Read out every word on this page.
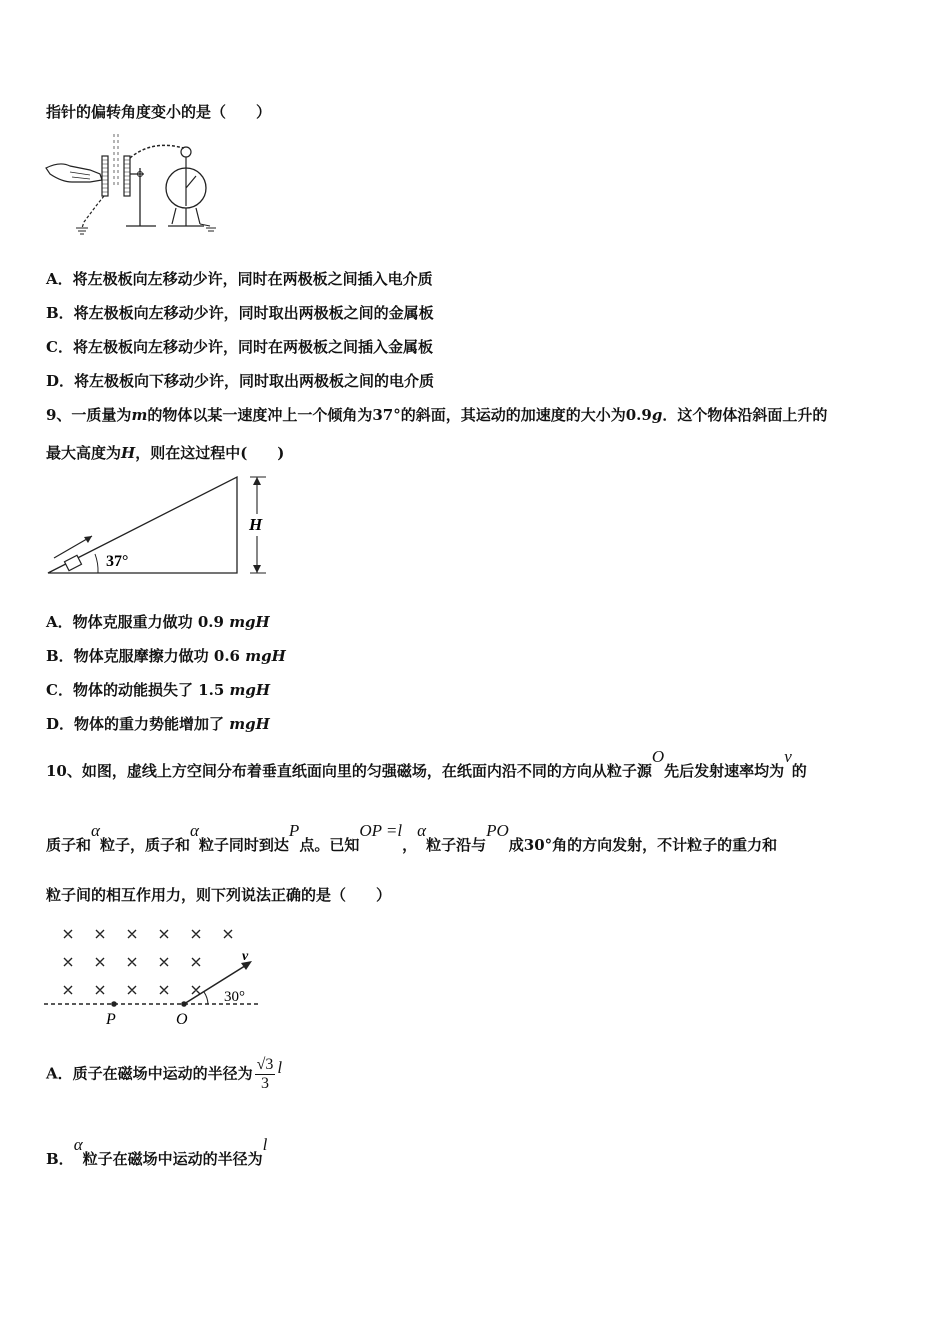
指针的偏转角度变小的是（　　）
A．将左极板向左移动少许，同时在两极板之间插入电介质
B．将左极板向左移动少许，同时取出两极板之间的金属板
C．将左极板向左移动少许，同时在两极板之间插入金属板
D．将左极板向下移动少许，同时取出两极板之间的电介质
9、一质量为m的物体以某一速度冲上一个倾角为37°的斜面，其运动的加速度的大小为0.9g．这个物体沿斜面上升的
最大高度为H，则在这过程中(　　)
37°
H
A．物体克服重力做功 0.9 mgH
B．物体克服摩擦力做功 0.6 mgH
C．物体的动能损失了 1.5 mgH
D．物体的重力势能增加了 mgH
10、如图，虚线上方空间分布着垂直纸面向里的匀强磁场，在纸面内沿不同的方向从粒子源O先后发射速率均为v的
质子和α粒子，质子和α粒子同时到达P点。已知OP =l，α粒子沿与PO成30°角的方向发射，不计粒子的重力和
粒子间的相互作用力，则下列说法正确的是（　　）
v
30°
P	O
A．质子在磁场中运动的半径为 $\frac{√3}{3}$ l
B．α粒子在磁场中运动的半径为l
